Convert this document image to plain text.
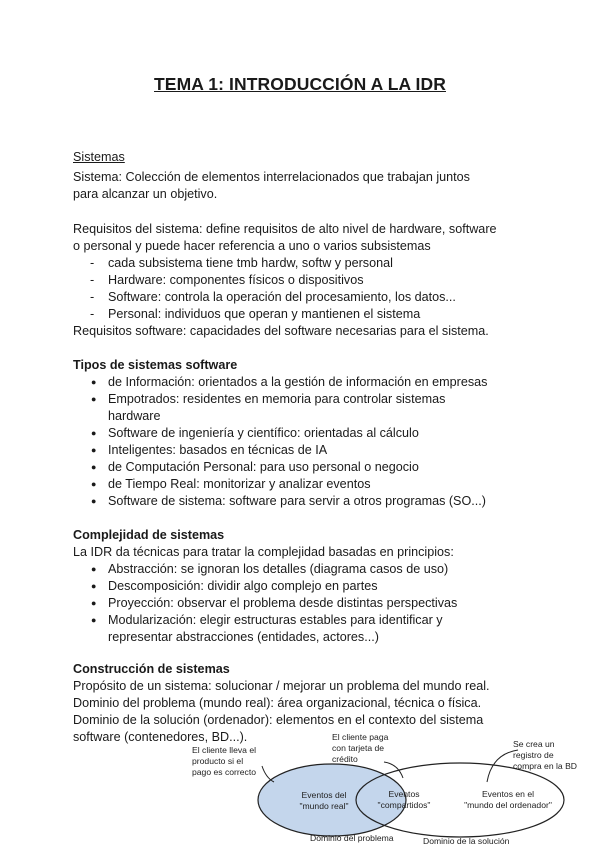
TEMA 1: INTRODUCCIÓN A LA IDR
Sistemas
Sistema: Colección de elementos interrelacionados que trabajan juntos
para alcanzar un objetivo.
Requisitos del sistema: define requisitos de alto nivel de hardware, software
o personal y puede hacer referencia a uno o varios subsistemas
- cada subsistema tiene tmb hardw, softw y personal
- Hardware: componentes físicos o dispositivos
- Software: controla la operación del procesamiento, los datos...
- Personal: individuos que operan y mantienen el sistema
Requisitos software: capacidades del software necesarias para el sistema.
Tipos de sistemas software
● de Información: orientados a la gestión de información en empresas
● Empotrados: residentes en memoria para controlar sistemas
hardware
● Software de ingeniería y científico: orientadas al cálculo
● Inteligentes: basados en técnicas de IA
● de Computación Personal: para uso personal o negocio
● de Tiempo Real: monitorizar y analizar eventos
● Software de sistema: software para servir a otros programas (SO...)
Complejidad de sistemas
La IDR da técnicas para tratar la complejidad basadas en principios:
● Abstracción: se ignoran los detalles (diagrama casos de uso)
● Descomposición: dividir algo complejo en partes
● Proyección: observar el problema desde distintas perspectivas
● Modularización: elegir estructuras estables para identificar y
representar abstracciones (entidades, actores...)
Construcción de sistemas
Propósito de un sistema: solucionar / mejorar un problema del mundo real.
Dominio del problema (mundo real): área organizacional, técnica o física.
Dominio de la solución (ordenador): elementos en el contexto del sistema
software (contenedores, BD...).
El cliente lleva el
producto si el
pago es correcto
El cliente paga
con tarjeta de
crédito
Se crea un
registro de
compra en la BD
Eventos del
"mundo real"
Eventos
"compartidos"
Eventos en el
"mundo del ordenador"
Dominio del problema	Dominio de la solución
